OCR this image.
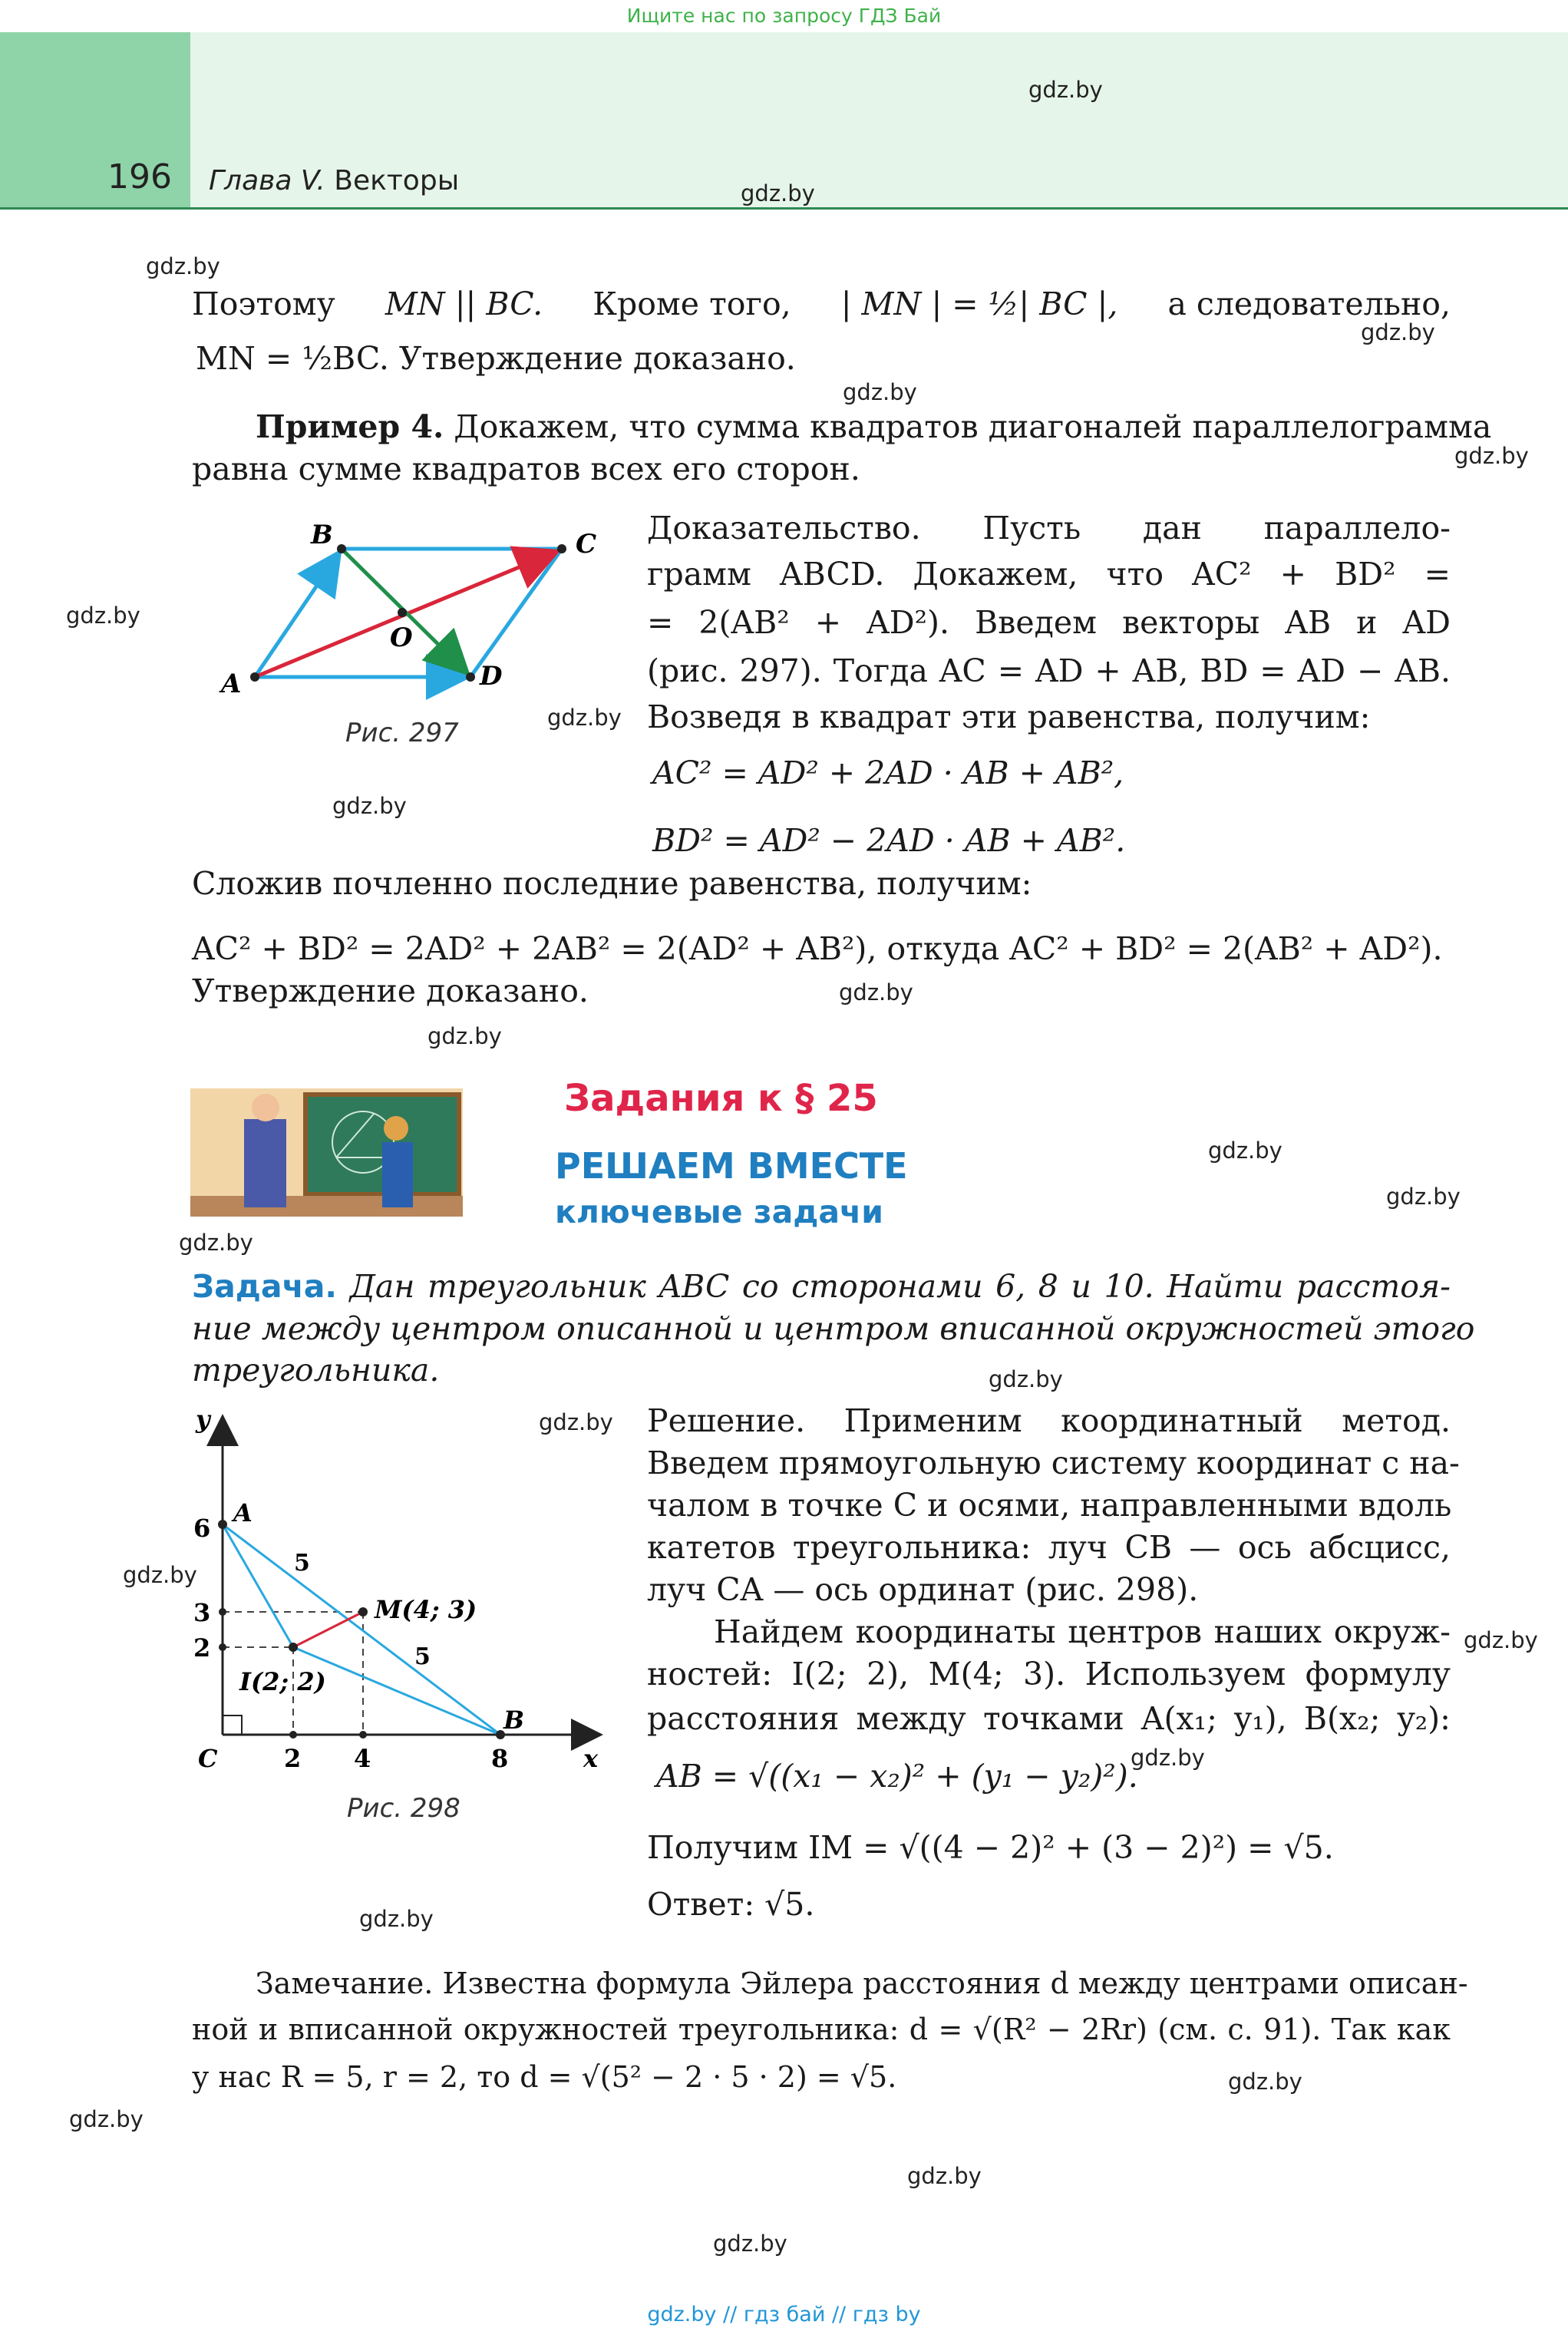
Ищите нас по запросу ГДЗ Бай
196 Глава V. Векторы
gdz.by
gdz.by
gdz.by
gdz.by
gdz.by
gdz.by
gdz.by
gdz.by
gdz.by
gdz.by
gdz.by
gdz.by
gdz.by
gdz.by
gdz.by
gdz.by
gdz.by
gdz.by
gdz.by
gdz.by
gdz.by
gdz.by
gdz.by
gdz.by
Поэтому MN || BC. Кроме того, | MN | = ½| BC |, а следовательно,
MN = ½BC. Утверждение доказано.
Пример 4. Докажем, что сумма квадратов диагоналей параллелограмма
равна сумме квадратов всех его сторон.
A
B	C
D
O
Рис. 297
Доказательство. Пусть дан параллело-
грамм ABCD. Докажем, что AC² + BD² =
= 2(AB² + AD²). Введем векторы AB и AD
(рис. 297). Тогда AC = AD + AB, BD = AD − AB.
Возведя в квадрат эти равенства, получим:
AC² = AD² + 2AD · AB + AB²,
BD² = AD² − 2AD · AB + AB².
Сложив почленно последние равенства, получим:
AC² + BD² = 2AD² + 2AB² = 2(AD² + AB²), откуда AC² + BD² = 2(AB² + AD²).
Утверждение доказано.
Задания к § 25
РЕШАЕМ ВМЕСТЕ
ключевые задачи
Задача. Дан треугольник ABC со сторонами 6, 8 и 10. Найти расстоя-
ние между центром описанной и центром вписанной окружностей этого
треугольника.
y
x
C
6
3
2
2 4	8
A
B
M(4; 3)
I(2; 2)
5
5
Рис. 298
Решение. Применим координатный метод.
Введем прямоугольную систему координат с на-
чалом в точке C и осями, направленными вдоль
катетов треугольника: луч CB — ось абсцисс,
луч CA — ось ординат (рис. 298).
Найдем координаты центров наших окруж-
ностей: I(2; 2), M(4; 3). Используем формулу
расстояния между точками A(x₁; y₁), B(x₂; y₂):
AB = √((x₁ − x₂)² + (y₁ − y₂)²).
Получим IM = √((4 − 2)² + (3 − 2)²) = √5.
Ответ: √5.
Замечание. Известна формула Эйлера расстояния d между центрами описан-
ной и вписанной окружностей треугольника: d = √(R² − 2Rr) (см. с. 91). Так как
у нас R = 5, r = 2, то d = √(5² − 2 · 5 · 2) = √5.
gdz.by // гдз бай // гдз by
